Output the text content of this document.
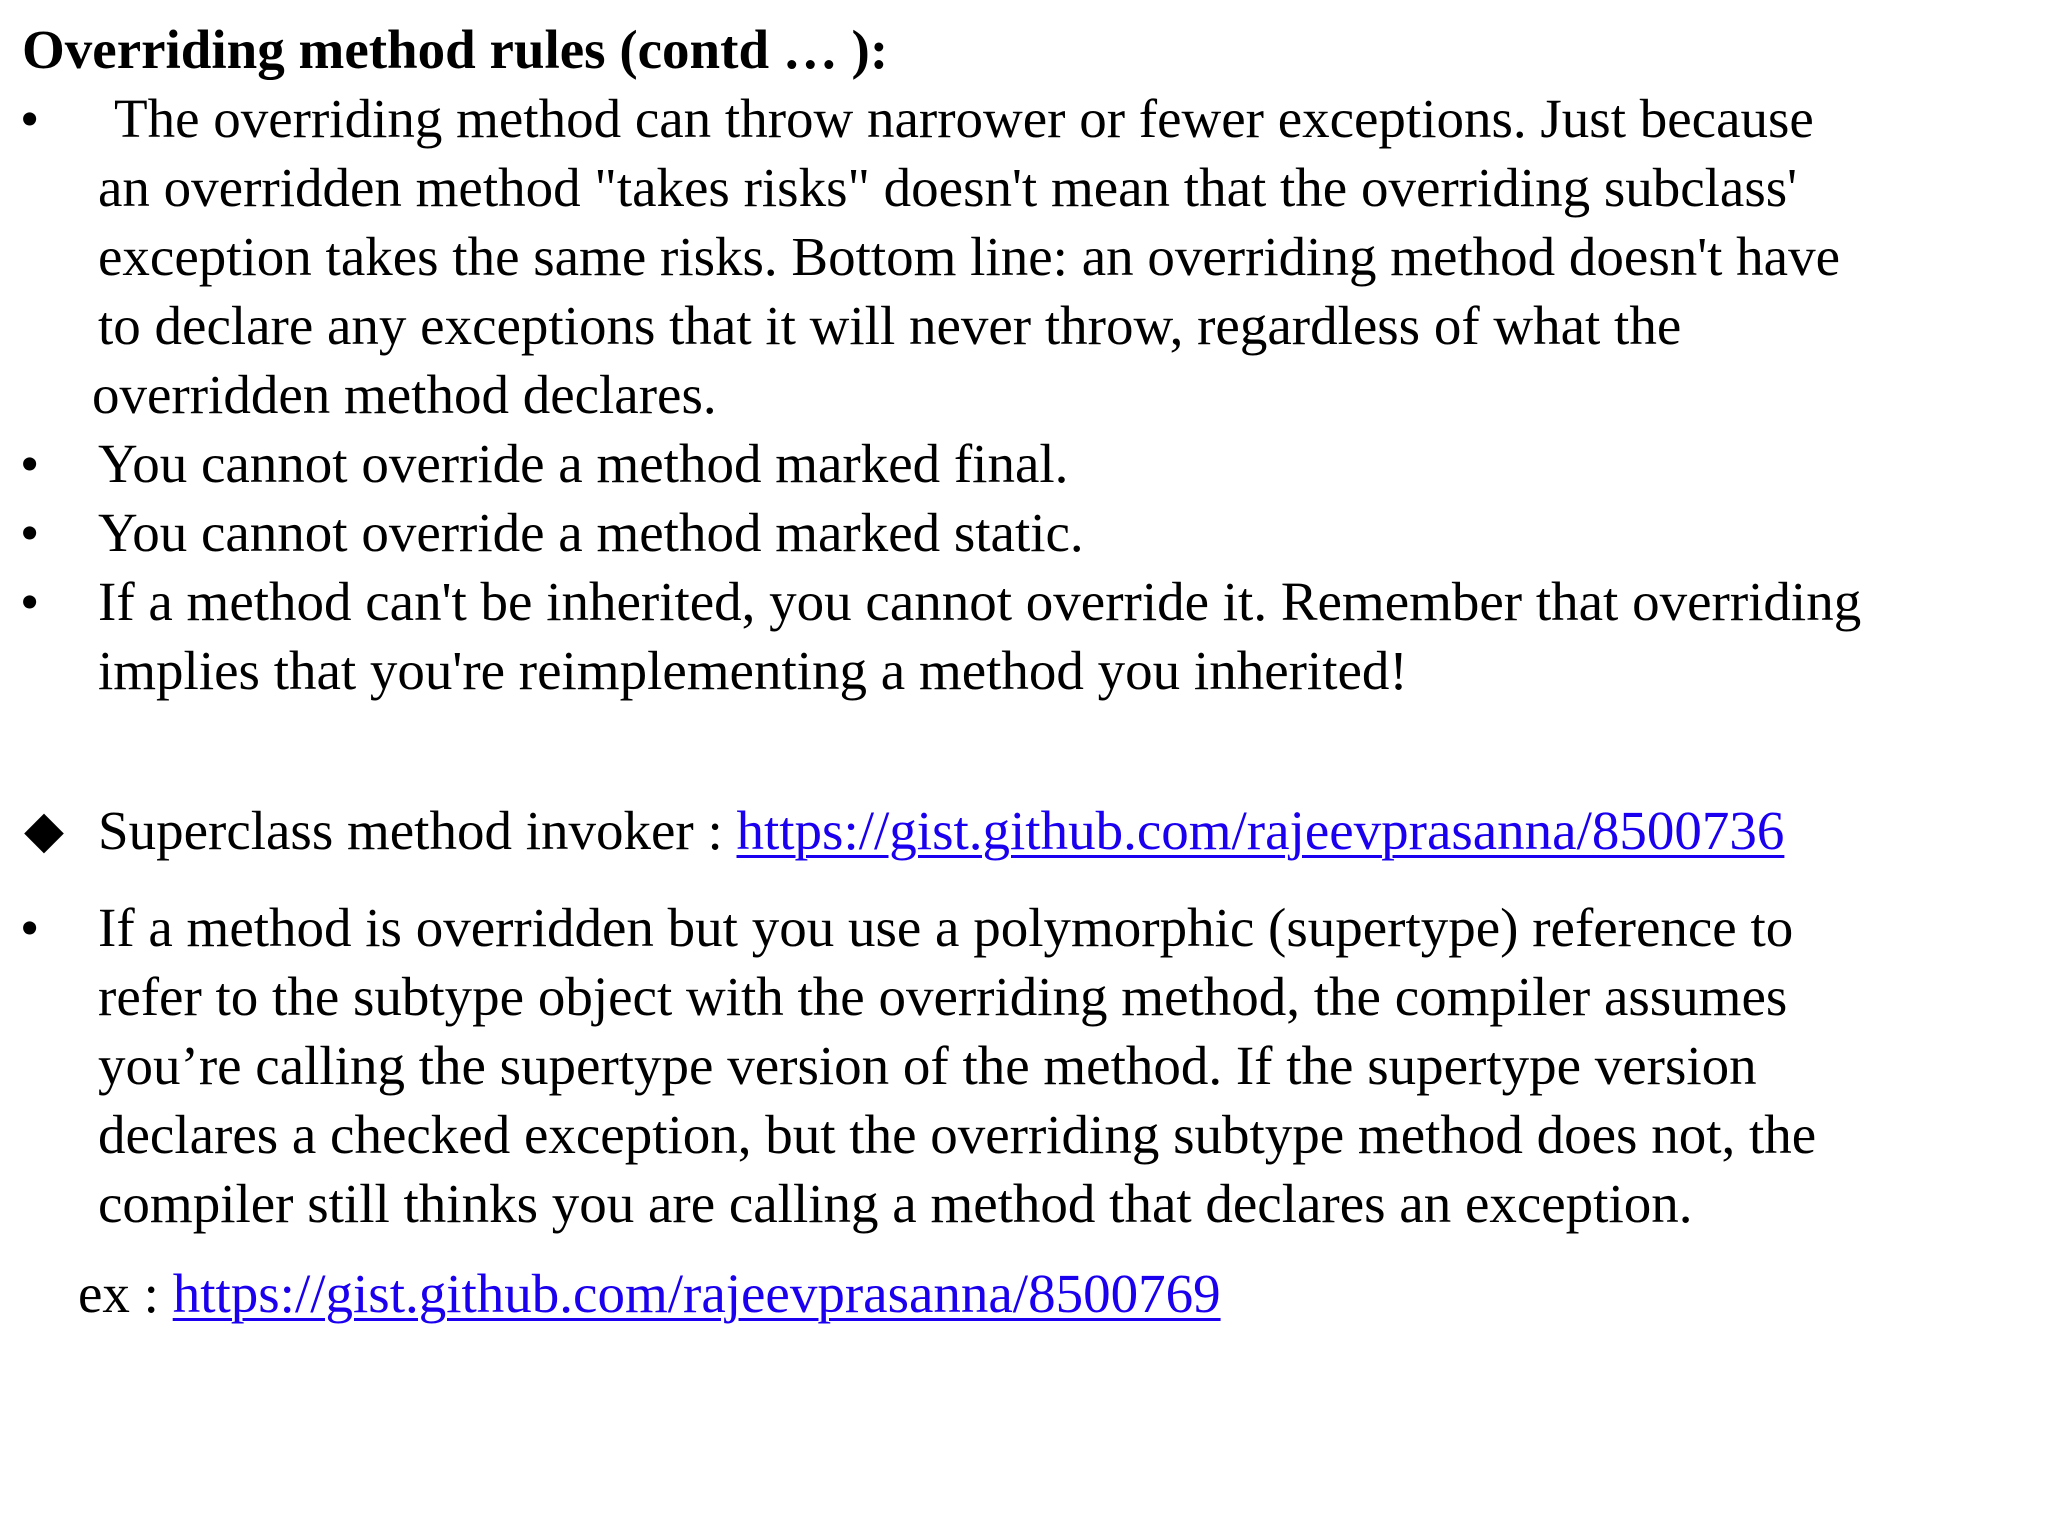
Overriding method rules (contd … ):
•	The overriding method can throw narrower or fewer exceptions. Just because
an overridden method "takes risks" doesn't mean that the overriding subclass'
exception takes the same risks. Bottom line: an overriding method doesn't have
to declare any exceptions that it will never throw, regardless of what the
overridden method declares.
•	You cannot override a method marked final.
•	You cannot override a method marked static.
•	If a method can't be inherited, you cannot override it. Remember that overriding
implies that you're reimplementing a method you inherited!
◆ Superclass method invoker : https://gist.github.com/rajeevprasanna/8500736
•	If a method is overridden but you use a polymorphic (supertype) reference to
refer to the subtype object with the overriding method, the compiler assumes
you’re calling the supertype version of the method. If the supertype version
declares a checked exception, but the overriding subtype method does not, the
compiler still thinks you are calling a method that declares an exception.
ex : https://gist.github.com/rajeevprasanna/8500769
